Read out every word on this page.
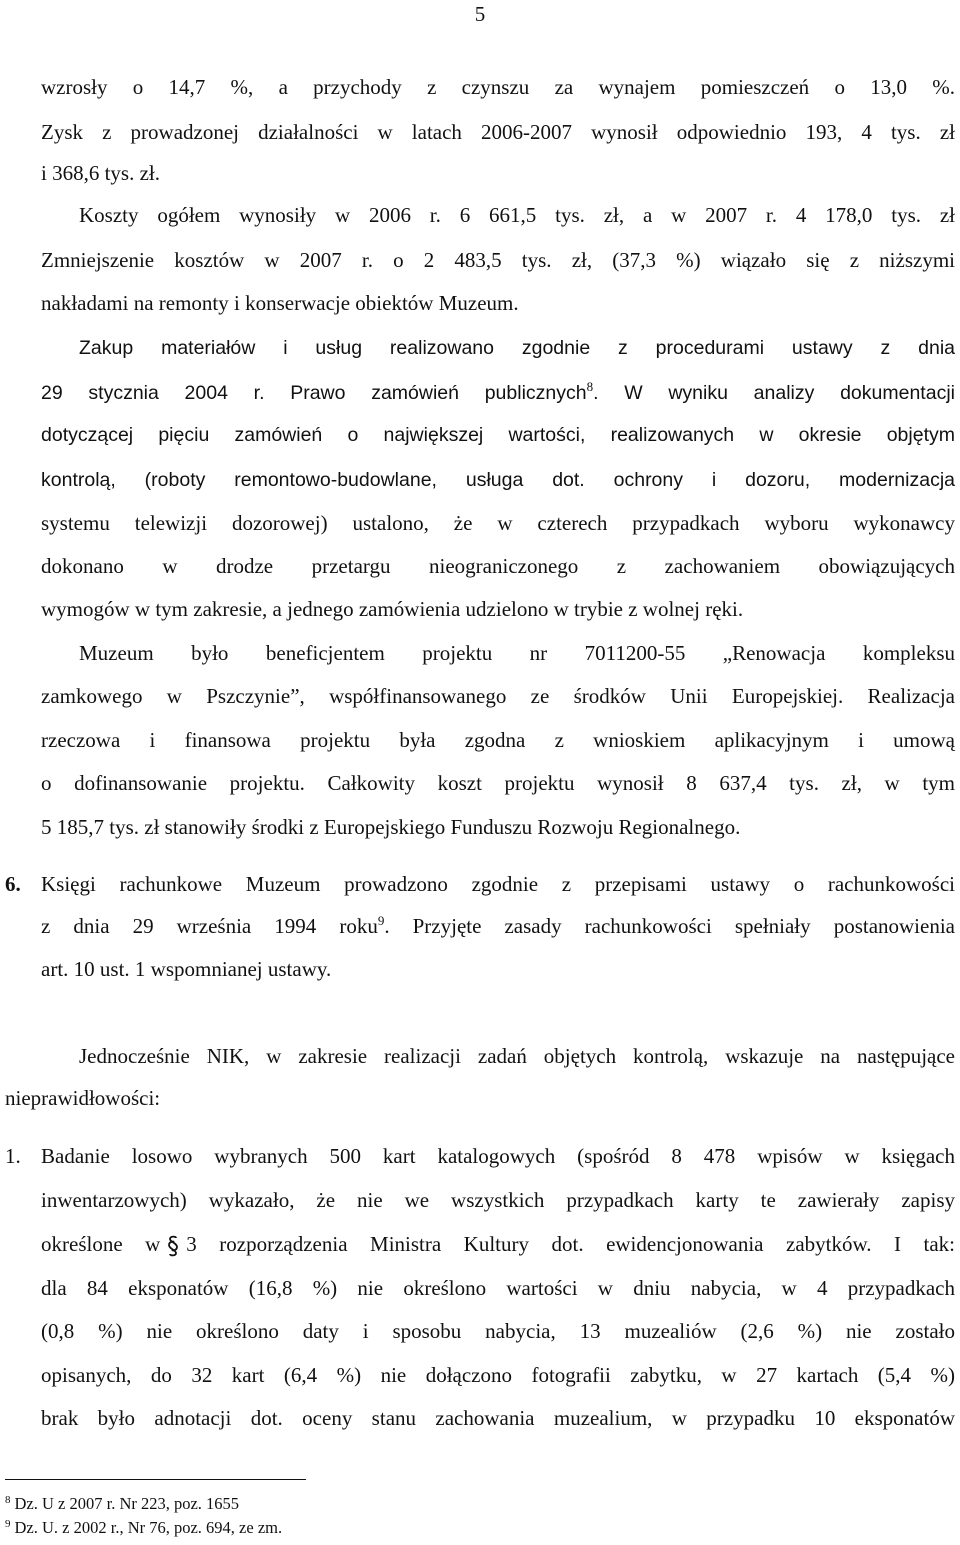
5
wzrosły o 14,7 %, a przychody z czynszu za wynajem pomieszczeń o 13,0 %.
Zysk z prowadzonej działalności w latach 2006-2007 wynosił odpowiednio 193, 4 tys. zł
i 368,6 tys. zł.
Koszty ogółem wynosiły w 2006 r. 6 661,5 tys. zł, a w 2007 r. 4 178,0 tys. zł
Zmniejszenie kosztów w 2007 r. o 2 483,5 tys. zł, (37,3 %) wiązało się z niższymi
nakładami na remonty i konserwacje obiektów Muzeum.
Zakup materiałów i usług realizowano zgodnie z procedurami ustawy z dnia
29 stycznia 2004 r. Prawo zamówień publicznych$^8$. W wyniku analizy dokumentacji
dotyczącej pięciu zamówień o największej wartości, realizowanych w okresie objętym
kontrolą, (roboty remontowo-budowlane, usługa dot. ochrony i dozoru, modernizacja
systemu telewizji dozorowej) ustalono, że w czterech przypadkach wyboru wykonawcy
dokonano w drodze przetargu nieograniczonego z zachowaniem obowiązujących
wymogów w tym zakresie, a jednego zamówienia udzielono w trybie z wolnej ręki.
Muzeum było beneficjentem projektu nr 7011200-55 „Renowacja kompleksu
zamkowego w Pszczynie”, współfinansowanego ze środków Unii Europejskiej. Realizacja
rzeczowa i finansowa projektu była zgodna z wnioskiem aplikacyjnym i umową
o dofinansowanie projektu. Całkowity koszt projektu wynosił 8 637,4 tys. zł, w tym
5 185,7 tys. zł stanowiły środki z Europejskiego Funduszu Rozwoju Regionalnego.
6. Księgi rachunkowe Muzeum prowadzono zgodnie z przepisami ustawy o rachunkowości
z dnia 29 września 1994 roku$^9$. Przyjęte zasady rachunkowości spełniały postanowienia
art. 10 ust. 1 wspomnianej ustawy.
Jednocześnie NIK, w zakresie realizacji zadań objętych kontrolą, wskazuje na następujące
nieprawidłowości:
1. Badanie losowo wybranych 500 kart katalogowych (spośród 8 478 wpisów w księgach
inwentarzowych) wykazało, że nie we wszystkich przypadkach karty te zawierały zapisy
określone w 3 rozporządzenia Ministra Kultury dot. ewidencjonowania zabytków. I tak:
dla 84 eksponatów (16,8 %) nie określono wartości w dniu nabycia, w 4 przypadkach
(0,8 %) nie określono daty i sposobu nabycia, 13 muzealiów (2,6 %) nie zostało
opisanych, do 32 kart (6,4 %) nie dołączono fotografii zabytku, w 27 kartach (5,4 %)
brak było adnotacji dot. oceny stanu zachowania muzealium, w przypadku 10 eksponatów
$^8$ Dz. U z 2007 r. Nr 223, poz. 1655
$^9$ Dz. U. z 2002 r., Nr 76, poz. 694, ze zm.
